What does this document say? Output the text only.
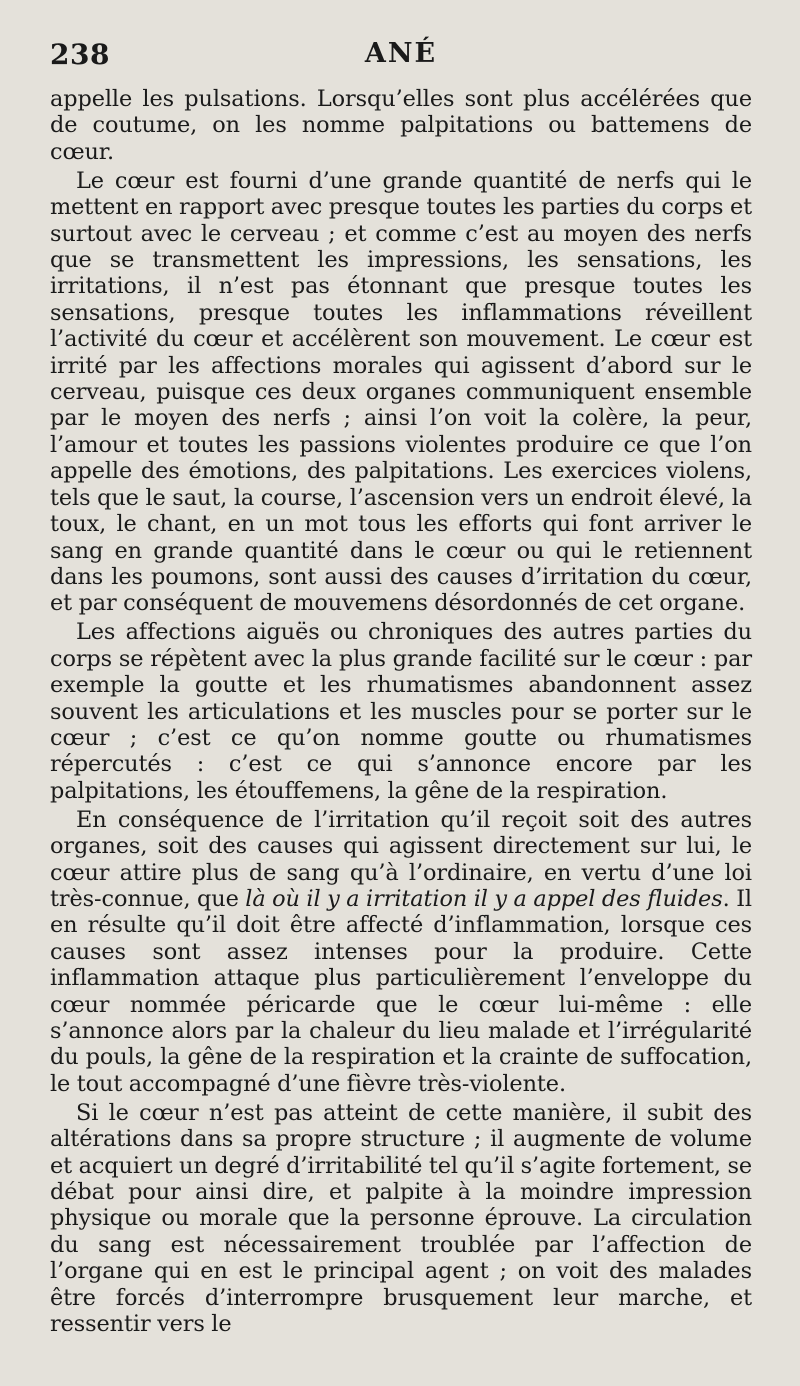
238	ANÉ

appelle les pulsations. Lorsqu’elles sont plus accélérées que de coutume, on les nomme palpitations ou battemens de cœur.

Le cœur est fourni d’une grande quantité de nerfs qui le mettent en rapport avec presque toutes les parties du corps et surtout avec le cerveau ; et comme c’est au moyen des nerfs que se transmettent les impressions, les sensations, les irritations, il n’est pas étonnant que presque toutes les sensations, presque toutes les inflammations réveillent l’activité du cœur et accélèrent son mouvement. Le cœur est irrité par les affections morales qui agissent d’abord sur le cerveau, puisque ces deux organes communiquent ensemble par le moyen des nerfs ; ainsi l’on voit la colère, la peur, l’amour et toutes les passions violentes produire ce que l’on appelle des émotions, des palpitations. Les exercices violens, tels que le saut, la course, l’ascension vers un endroit élevé, la toux, le chant, en un mot tous les efforts qui font arriver le sang en grande quantité dans le cœur ou qui le retiennent dans les poumons, sont aussi des causes d’irritation du cœur, et par conséquent de mouvemens désordonnés de cet organe.

Les affections aiguës ou chroniques des autres parties du corps se répètent avec la plus grande facilité sur le cœur : par exemple la goutte et les rhumatismes abandonnent assez souvent les articulations et les muscles pour se porter sur le cœur ; c’est ce qu’on nomme goutte ou rhumatismes répercutés : c’est ce qui s’annonce encore par les palpitations, les étouffemens, la gêne de la respiration.

En conséquence de l’irritation qu’il reçoit soit des autres organes, soit des causes qui agissent directement sur lui, le cœur attire plus de sang qu’à l’ordinaire, en vertu d’une loi très-connue, que là où il y a irritation il y a appel des fluides. Il en résulte qu’il doit être affecté d’inflammation, lorsque ces causes sont assez intenses pour la produire. Cette inflammation attaque plus particulièrement l’enveloppe du cœur nommée péricarde que le cœur lui-même : elle s’annonce alors par la chaleur du lieu malade et l’irrégularité du pouls, la gêne de la respiration et la crainte de suffocation, le tout accompagné d’une fièvre très-violente.

Si le cœur n’est pas atteint de cette manière, il subit des altérations dans sa propre structure ; il augmente de volume et acquiert un degré d’irritabilité tel qu’il s’agite fortement, se débat pour ainsi dire, et palpite à la moindre impression physique ou morale que la personne éprouve. La circulation du sang est nécessairement troublée par l’affection de l’organe qui en est le principal agent ; on voit des malades être forcés d’interrompre brusquement leur marche, et ressentir vers le
